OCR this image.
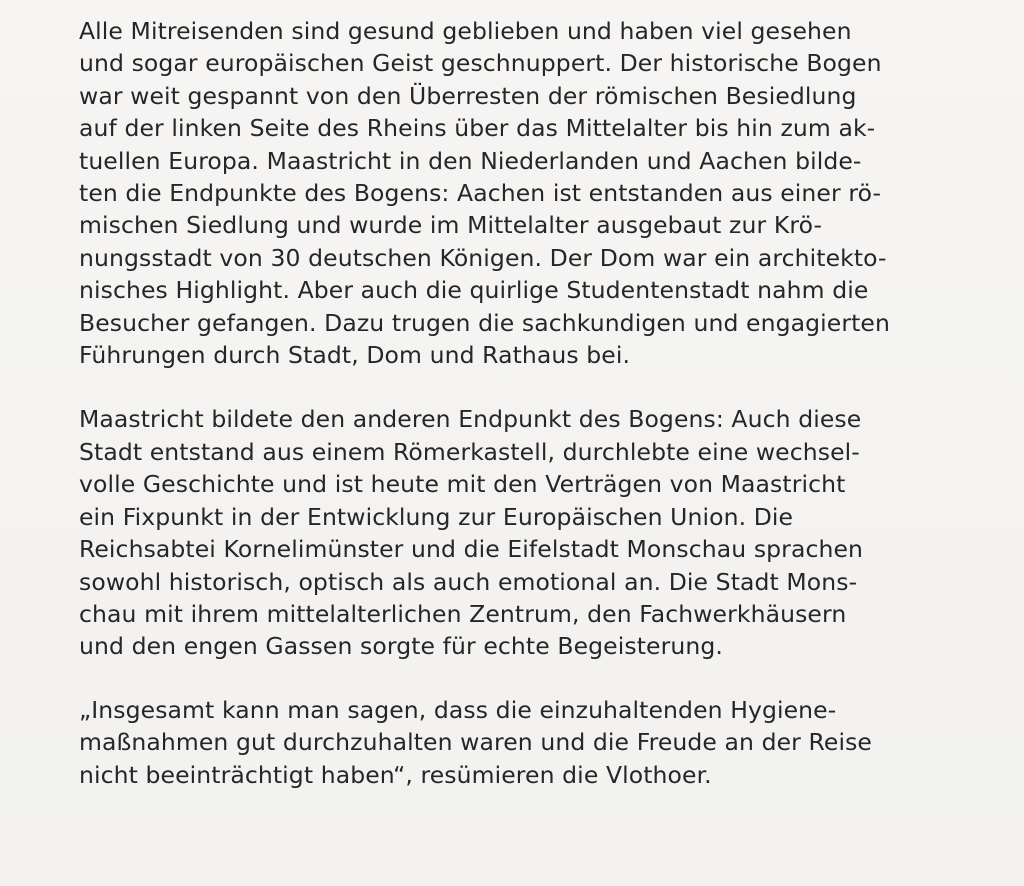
Alle Mitreisenden sind gesund geblieben und haben viel gesehen
und sogar europäischen Geist geschnuppert. Der historische Bogen
war weit gespannt von den Überresten der römischen Besiedlung
auf der linken Seite des Rheins über das Mittelalter bis hin zum ak-
tuellen Europa. Maastricht in den Niederlanden und Aachen bilde-
ten die Endpunkte des Bogens: Aachen ist entstanden aus einer rö-
mischen Siedlung und wurde im Mittelalter ausgebaut zur Krö-
nungsstadt von 30 deutschen Königen. Der Dom war ein architekto-
nisches Highlight. Aber auch die quirlige Studentenstadt nahm die
Besucher gefangen. Dazu trugen die sachkundigen und engagierten
Führungen durch Stadt, Dom und Rathaus bei.

Maastricht bildete den anderen Endpunkt des Bogens: Auch diese
Stadt entstand aus einem Römerkastell, durchlebte eine wechsel-
volle Geschichte und ist heute mit den Verträgen von Maastricht
ein Fixpunkt in der Entwicklung zur Europäischen Union. Die
Reichsabtei Kornelimünster und die Eifelstadt Monschau sprachen
sowohl historisch, optisch als auch emotional an. Die Stadt Mons-
chau mit ihrem mittelalterlichen Zentrum, den Fachwerkhäusern
und den engen Gassen sorgte für echte Begeisterung.

„Insgesamt kann man sagen, dass die einzuhaltenden Hygiene-
maßnahmen gut durchzuhalten waren und die Freude an der Reise
nicht beeinträchtigt haben“, resümieren die Vlothoer.
